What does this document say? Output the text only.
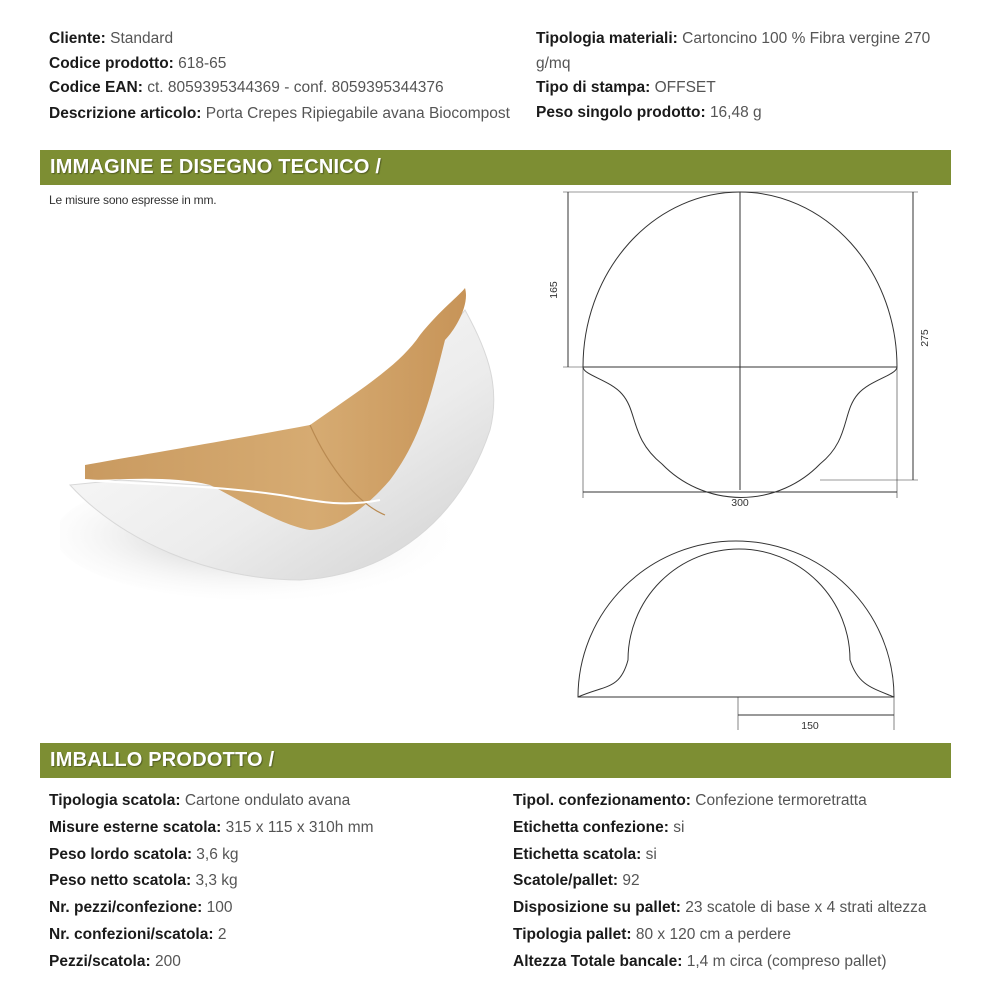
Cliente: Standard
Codice prodotto: 618-65
Codice EAN: ct. 8059395344369 - conf. 8059395344376
Descrizione articolo: Porta Crepes Ripiegabile avana Biocompost
Tipologia materiali: Cartoncino 100 % Fibra vergine 270 g/mq
Tipo di stampa: OFFSET
Peso singolo prodotto: 16,48 g
IMMAGINE E DISEGNO TECNICO /
Le misure sono espresse in mm.
165
275
300
150
IMBALLO PRODOTTO /
Tipologia scatola: Cartone ondulato avana
Misure esterne scatola: 315 x 115 x 310h mm
Peso lordo scatola: 3,6 kg
Peso netto scatola: 3,3 kg
Nr. pezzi/confezione: 100
Nr. confezioni/scatola: 2
Pezzi/scatola: 200
Tipol. confezionamento: Confezione termoretratta
Etichetta confezione: si
Etichetta scatola: si
Scatole/pallet: 92
Disposizione su pallet: 23 scatole di base x 4 strati altezza
Tipologia pallet: 80 x 120 cm a perdere
Altezza Totale bancale: 1,4 m circa (compreso pallet)
